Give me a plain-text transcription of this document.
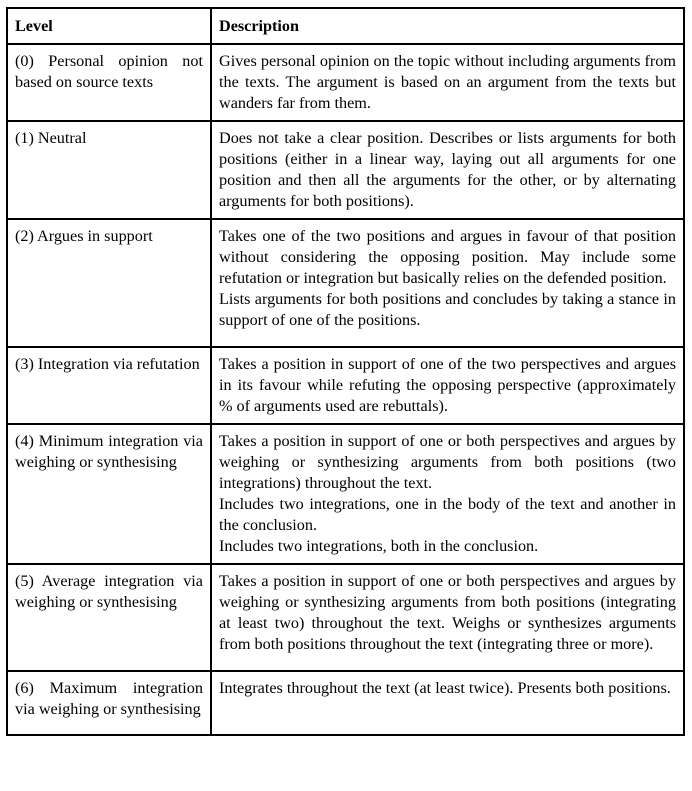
Level	Description
(0) Personal opinion not based on source texts	Gives personal opinion on the topic without including arguments from the texts. The argument is based on an argument from the texts but wanders far from them.

(1) Neutral	Does not take a clear position. Describes or lists arguments for both positions (either in a linear way, laying out all arguments for one position and then all the arguments for the other, or by alternating arguments for both positions).

(2) Argues in support	Takes one of the two positions and argues in favour of that position without considering the opposing position. May include some refutation or integration but basically relies on the defended position.
Lists arguments for both positions and concludes by taking a stance in support of one of the positions.

(3) Integration via refutation	Takes a position in support of one of the two perspectives and argues in its favour while refuting the opposing perspective (approximately % of arguments used are rebuttals).

(4) Minimum integration via weighing or synthesising	Takes a position in support of one or both perspectives and argues by weighing or synthesizing arguments from both positions (two integrations) throughout the text.
Includes two integrations, one in the body of the text and another in the conclusion.
Includes two integrations, both in the conclusion.

(5) Average integration via weighing or synthesising	Takes a position in support of one or both perspectives and argues by weighing or synthesizing arguments from both positions (integrating at least two) throughout the text. Weighs or synthesizes arguments from both positions throughout the text (integrating three or more).

(6) Maximum integration via weighing or synthesising	Integrates throughout the text (at least twice). Presents both positions.
